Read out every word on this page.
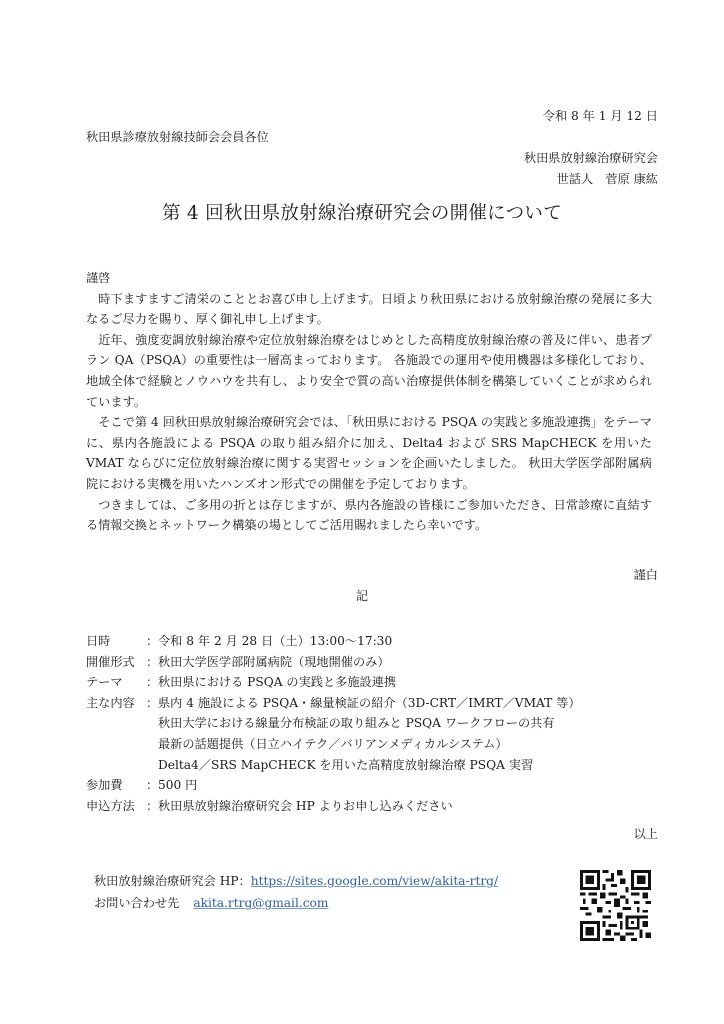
令和 8 年 1 月 12 日
秋田県診療放射線技師会会員各位
秋田県放射線治療研究会
世話人　菅原 康紘
第 4 回秋田県放射線治療研究会の開催について

謹啓

時下ますますご清栄のこととお喜び申し上げます。日頃より秋田県における放射線治療の発展に多大なるご尽力を賜り、厚く御礼申し上げます。

近年、強度変調放射線治療や定位放射線治療をはじめとした高精度放射線治療の普及に伴い、患者プラン QA（PSQA）の重要性は一層高まっております。 各施設での運用や使用機器は多様化しており、地域全体で経験とノウハウを共有し、より安全で質の高い治療提供体制を構築していくことが求められています。

そこで第 4 回秋田県放射線治療研究会では、「秋田県における PSQA の実践と多施設連携」をテーマに、県内各施設による PSQA の取り組み紹介に加え、Delta4 および SRS MapCHECK を用いた VMAT ならびに定位放射線治療に関する実習セッションを企画いたしました。 秋田大学医学部附属病院における実機を用いたハンズオン形式での開催を予定しております。

つきましては、ご多用の折とは存じますが、県内各施設の皆様にご参加いただき、日常診療に直結する情報交換とネットワーク構築の場としてご活用賜れましたら幸いです。

謹白
記
日時	： 令和 8 年 2 月 28 日（土）13:00～17:30
開催形式 ： 秋田大学医学部附属病院（現地開催のみ）
テーマ	： 秋田県における PSQA の実践と多施設連携
主な内容 ： 県内 4 施設による PSQA・線量検証の紹介（3D-CRT／IMRT／VMAT 等）
秋田大学における線量分布検証の取り組みと PSQA ワークフローの共有
最新の話題提供（日立ハイテク／バリアンメディカルシステム）
Delta4／SRS MapCHECK を用いた高精度放射線治療 PSQA 実習
参加費	： 500 円
申込方法 ： 秋田県放射線治療研究会 HP よりお申し込みください
以上
秋田放射線治療研究会 HP：https://sites.google.com/view/akita-rtrg/
お問い合わせ先 akita.rtrg@gmail.com
